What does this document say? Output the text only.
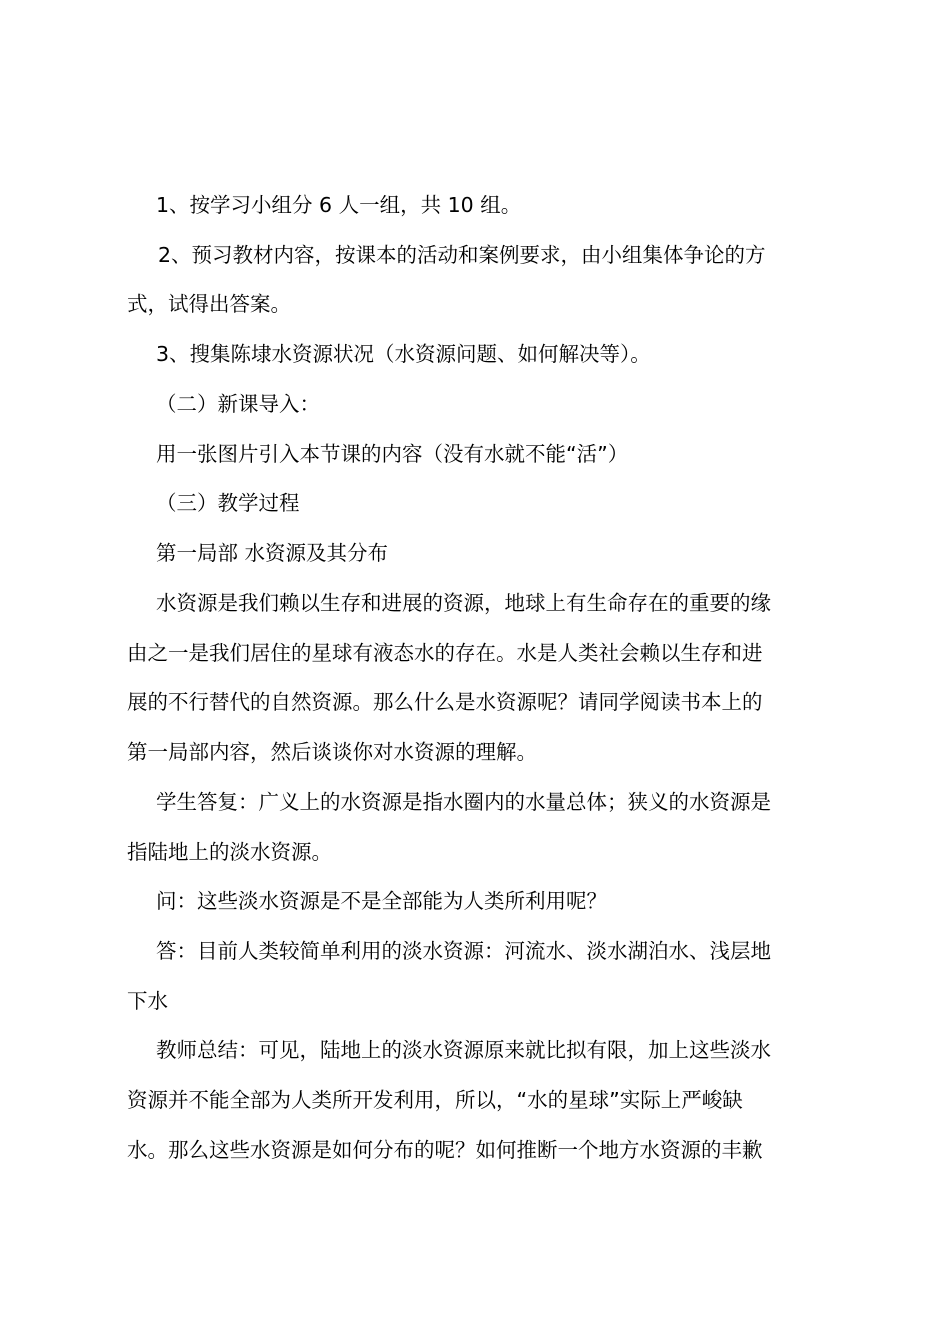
1、按学习小组分 6 人一组，共 10 组。
2、预习教材内容，按课本的活动和案例要求，由小组集体争论的方
式，试得出答案。
3、搜集陈埭水资源状况（水资源问题、如何解决等）。
（二）新课导入：
用一张图片引入本节课的内容（没有水就不能“活”）
（三）教学过程
第一局部 水资源及其分布
水资源是我们赖以生存和进展的资源，地球上有生命存在的重要的缘
由之一是我们居住的星球有液态水的存在。水是人类社会赖以生存和进
展的不行替代的自然资源。那么什么是水资源呢？请同学阅读书本上的
第一局部内容，然后谈谈你对水资源的理解。
学生答复：广义上的水资源是指水圈内的水量总体；狭义的水资源是
指陆地上的淡水资源。
问：这些淡水资源是不是全部能为人类所利用呢？
答：目前人类较简单利用的淡水资源：河流水、淡水湖泊水、浅层地
下水
教师总结：可见，陆地上的淡水资源原来就比拟有限，加上这些淡水
资源并不能全部为人类所开发利用，所以，“水的星球”实际上严峻缺
水。那么这些水资源是如何分布的呢？如何推断一个地方水资源的丰歉
